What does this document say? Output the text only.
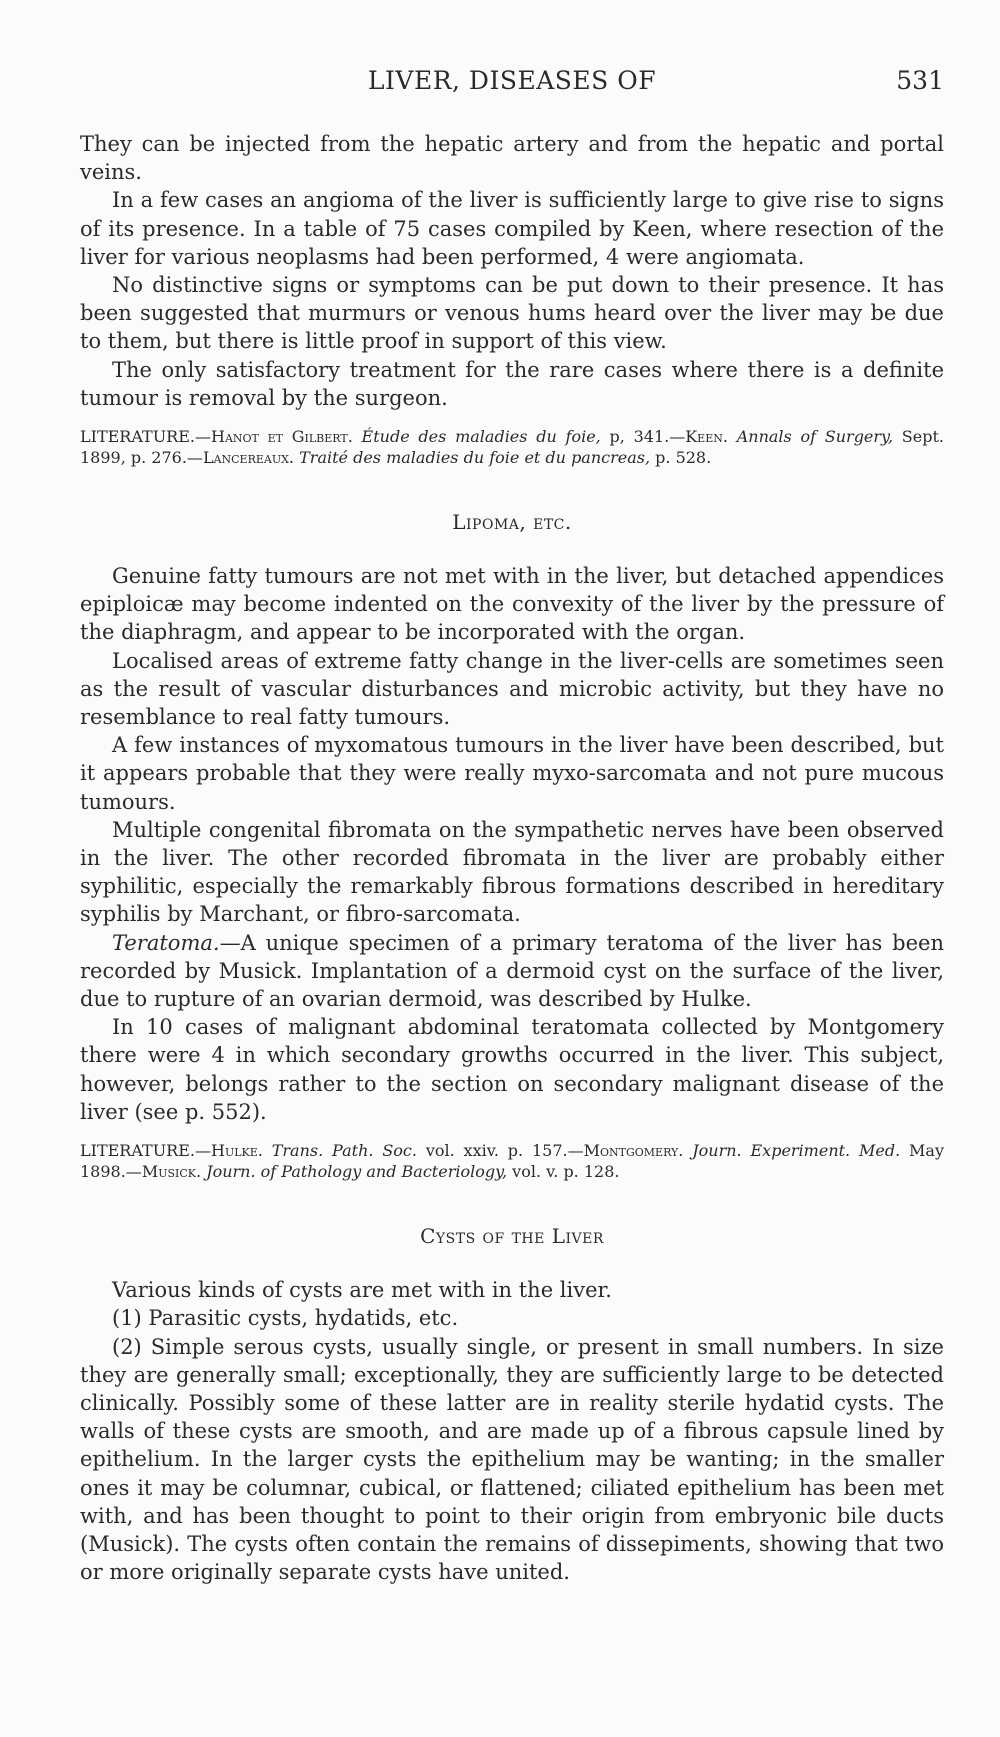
LIVER, DISEASES OF	531

They can be injected from the hepatic artery and from the hepatic and portal veins.

In a few cases an angioma of the liver is sufficiently large to give rise to signs of its presence. In a table of 75 cases compiled by Keen, where resection of the liver for various neoplasms had been performed, 4 were angiomata.

No distinctive signs or symptoms can be put down to their presence. It has been suggested that murmurs or venous hums heard over the liver may be due to them, but there is little proof in support of this view.

The only satisfactory treatment for the rare cases where there is a definite tumour is removal by the surgeon.

LITERATURE.—Hanot et Gilbert. Étude des maladies du foie, p, 341.—Keen. Annals of Surgery, Sept. 1899, p. 276.—Lancereaux. Traité des maladies du foie et du pancreas, p. 528.

Lipoma, etc.

Genuine fatty tumours are not met with in the liver, but detached appendices epiploicæ may become indented on the convexity of the liver by the pressure of the diaphragm, and appear to be incorporated with the organ.

Localised areas of extreme fatty change in the liver-cells are sometimes seen as the result of vascular disturbances and microbic activity, but they have no resemblance to real fatty tumours.

A few instances of myxomatous tumours in the liver have been described, but it appears probable that they were really myxo-sarcomata and not pure mucous tumours.

Multiple congenital fibromata on the sympathetic nerves have been observed in the liver. The other recorded fibromata in the liver are probably either syphilitic, especially the remarkably fibrous formations described in hereditary syphilis by Marchant, or fibro-sarcomata.

Teratoma.—A unique specimen of a primary teratoma of the liver has been recorded by Musick. Implantation of a dermoid cyst on the surface of the liver, due to rupture of an ovarian dermoid, was described by Hulke.

In 10 cases of malignant abdominal teratomata collected by Montgomery there were 4 in which secondary growths occurred in the liver. This subject, however, belongs rather to the section on secondary malignant disease of the liver (see p. 552).

LITERATURE.—Hulke. Trans. Path. Soc. vol. xxiv. p. 157.—Montgomery. Journ. Experiment. Med. May 1898.—Musick. Journ. of Pathology and Bacteriology, vol. v. p. 128.

Cysts of the Liver

Various kinds of cysts are met with in the liver.

(1) Parasitic cysts, hydatids, etc.

(2) Simple serous cysts, usually single, or present in small numbers. In size they are generally small; exceptionally, they are sufficiently large to be detected clinically. Possibly some of these latter are in reality sterile hydatid cysts. The walls of these cysts are smooth, and are made up of a fibrous capsule lined by epithelium. In the larger cysts the epithelium may be wanting; in the smaller ones it may be columnar, cubical, or flattened; ciliated epithelium has been met with, and has been thought to point to their origin from embryonic bile ducts (Musick). The cysts often contain the remains of dissepiments, showing that two or more originally separate cysts have united.
